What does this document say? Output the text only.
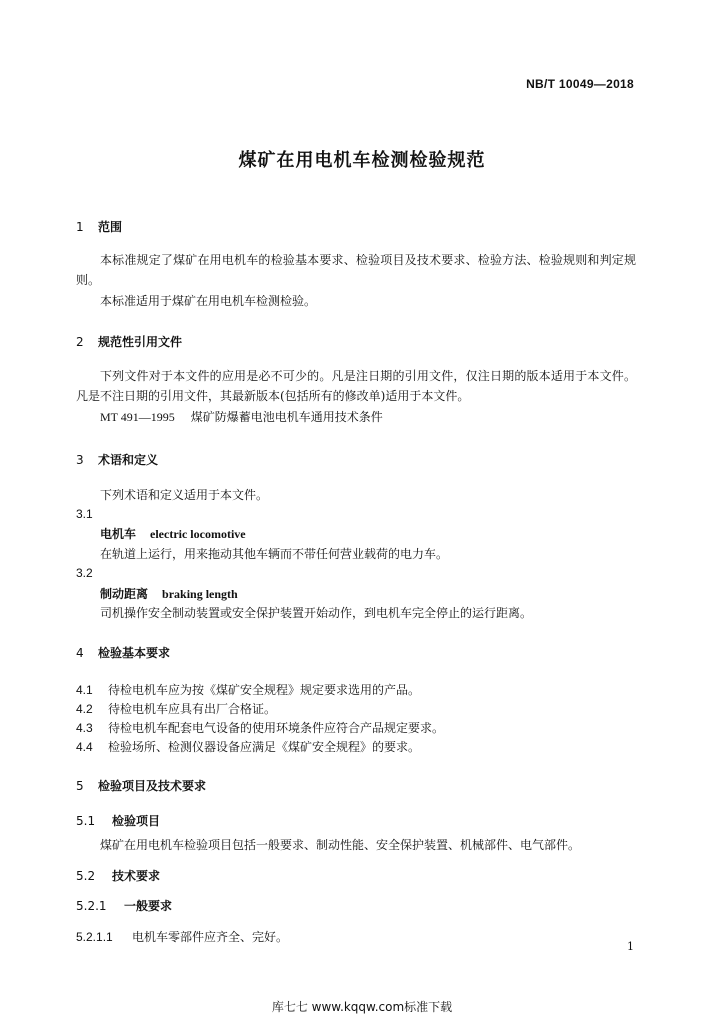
NB/T 10049—2018
煤矿在用电机车检测检验规范
1 范围
本标准规定了煤矿在用电机车的检验基本要求、检验项目及技术要求、检验方法、检验规则和判定规则。
本标准适用于煤矿在用电机车检测检验。
2 规范性引用文件
下列文件对于本文件的应用是必不可少的。凡是注日期的引用文件，仅注日期的版本适用于本文件。凡是不注日期的引用文件，其最新版本(包括所有的修改单)适用于本文件。
MT 491—1995 煤矿防爆蓄电池电机车通用技术条件
3 术语和定义
下列术语和定义适用于本文件。
3.1
电机车 electric locomotive
在轨道上运行，用来拖动其他车辆而不带任何营业载荷的电力车。
3.2
制动距离 braking length
司机操作安全制动装置或安全保护装置开始动作，到电机车完全停止的运行距离。
4 检验基本要求
4.1 待检电机车应为按《煤矿安全规程》规定要求选用的产品。
4.2 待检电机车应具有出厂合格证。
4.3 待检电机车配套电气设备的使用环境条件应符合产品规定要求。
4.4 检验场所、检测仪器设备应满足《煤矿安全规程》的要求。
5 检验项目及技术要求
5.1 检验项目
煤矿在用电机车检验项目包括一般要求、制动性能、安全保护装置、机械部件、电气部件。
5.2 技术要求
5.2.1 一般要求
5.2.1.1 电机车零部件应齐全、完好。
1
库七七 www.kqqw.com标准下载
